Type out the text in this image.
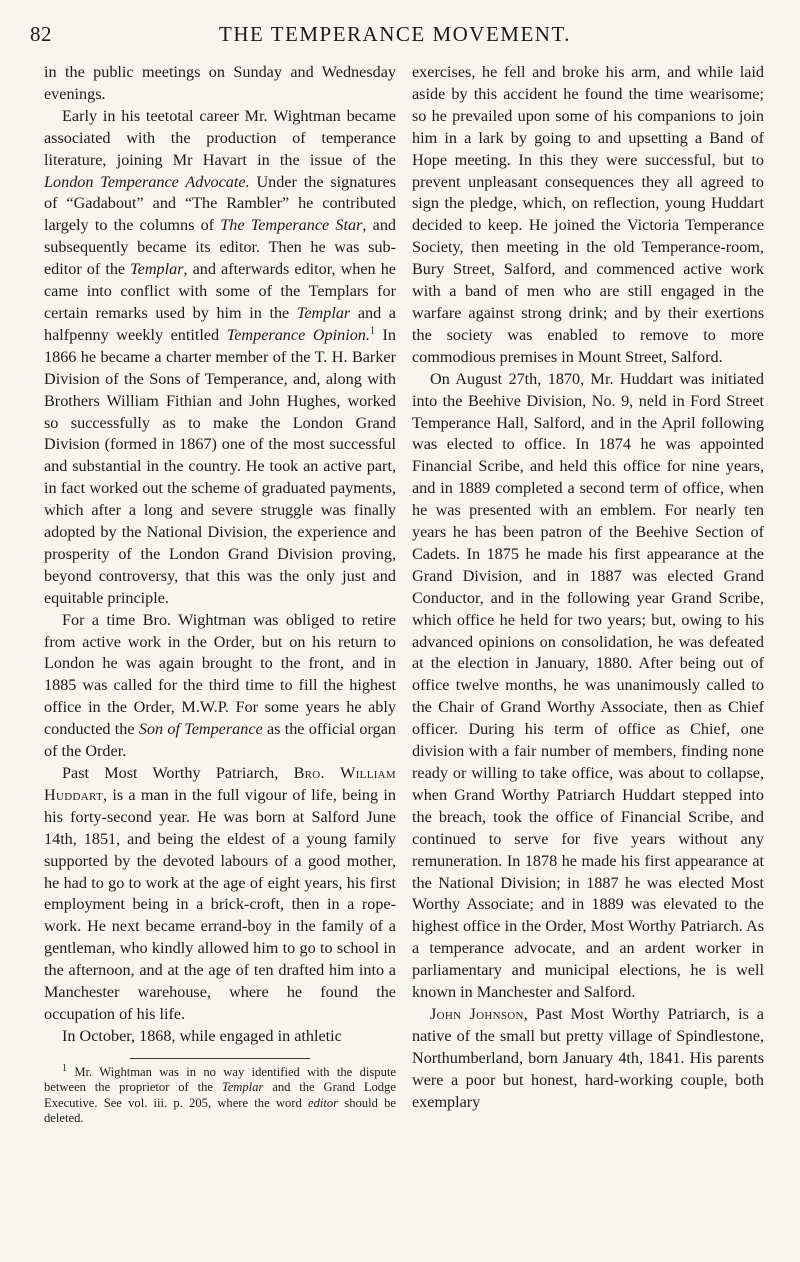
82	THE TEMPERANCE MOVEMENT.

in the public meetings on Sunday and Wednesday evenings.

Early in his teetotal career Mr. Wightman became associated with the production of temperance literature, joining Mr Havart in the issue of the London Temperance Advocate. Under the signatures of “Gadabout” and “The Rambler” he contributed largely to the columns of The Temperance Star, and subsequently became its editor. Then he was sub-editor of the Templar, and afterwards editor, when he came into conflict with some of the Templars for certain remarks used by him in the Templar and a halfpenny weekly entitled Temperance Opinion.$^1$ In 1866 he became a charter member of the T. H. Barker Division of the Sons of Temperance, and, along with Brothers William Fithian and John Hughes, worked so successfully as to make the London Grand Division (formed in 1867) one of the most successful and substantial in the country. He took an active part, in fact worked out the scheme of graduated payments, which after a long and severe struggle was finally adopted by the National Division, the experience and prosperity of the London Grand Division proving, beyond controversy, that this was the only just and equitable principle.

For a time Bro. Wightman was obliged to retire from active work in the Order, but on his return to London he was again brought to the front, and in 1885 was called for the third time to fill the highest office in the Order, M.W.P. For some years he ably conducted the Son of Temperance as the official organ of the Order.

Past Most Worthy Patriarch, Bro. William Huddart, is a man in the full vigour of life, being in his forty-second year. He was born at Salford June 14th, 1851, and being the eldest of a young family supported by the devoted labours of a good mother, he had to go to work at the age of eight years, his first employment being in a brick-croft, then in a rope-work. He next became errand-boy in the family of a gentleman, who kindly allowed him to go to school in the afternoon, and at the age of ten drafted him into a Manchester warehouse, where he found the occupation of his life.

In October, 1868, while engaged in athletic

$^1$ Mr. Wightman was in no way identified with the dispute between the proprietor of the Templar and the Grand Lodge Executive. See vol. iii. p. 205, where the word editor should be deleted.

exercises, he fell and broke his arm, and while laid aside by this accident he found the time wearisome; so he prevailed upon some of his companions to join him in a lark by going to and upsetting a Band of Hope meeting. In this they were successful, but to prevent unpleasant consequences they all agreed to sign the pledge, which, on reflection, young Huddart decided to keep. He joined the Victoria Temperance Society, then meeting in the old Temperance-room, Bury Street, Salford, and commenced active work with a band of men who are still engaged in the warfare against strong drink; and by their exertions the society was enabled to remove to more commodious premises in Mount Street, Salford.

On August 27th, 1870, Mr. Huddart was initiated into the Beehive Division, No. 9, neld in Ford Street Temperance Hall, Salford, and in the April following was elected to office. In 1874 he was appointed Financial Scribe, and held this office for nine years, and in 1889 completed a second term of office, when he was presented with an emblem. For nearly ten years he has been patron of the Beehive Section of Cadets. In 1875 he made his first appearance at the Grand Division, and in 1887 was elected Grand Conductor, and in the following year Grand Scribe, which office he held for two years; but, owing to his advanced opinions on consolidation, he was defeated at the election in January, 1880. After being out of office twelve months, he was unanimously called to the Chair of Grand Worthy Associate, then as Chief officer. During his term of office as Chief, one division with a fair number of members, finding none ready or willing to take office, was about to collapse, when Grand Worthy Patriarch Huddart stepped into the breach, took the office of Financial Scribe, and continued to serve for five years without any remuneration. In 1878 he made his first appearance at the National Division; in 1887 he was elected Most Worthy Associate; and in 1889 was elevated to the highest office in the Order, Most Worthy Patriarch. As a temperance advocate, and an ardent worker in parliamentary and municipal elections, he is well known in Manchester and Salford.

John Johnson, Past Most Worthy Patriarch, is a native of the small but pretty village of Spindlestone, Northumberland, born January 4th, 1841. His parents were a poor but honest, hard-working couple, both exemplary
